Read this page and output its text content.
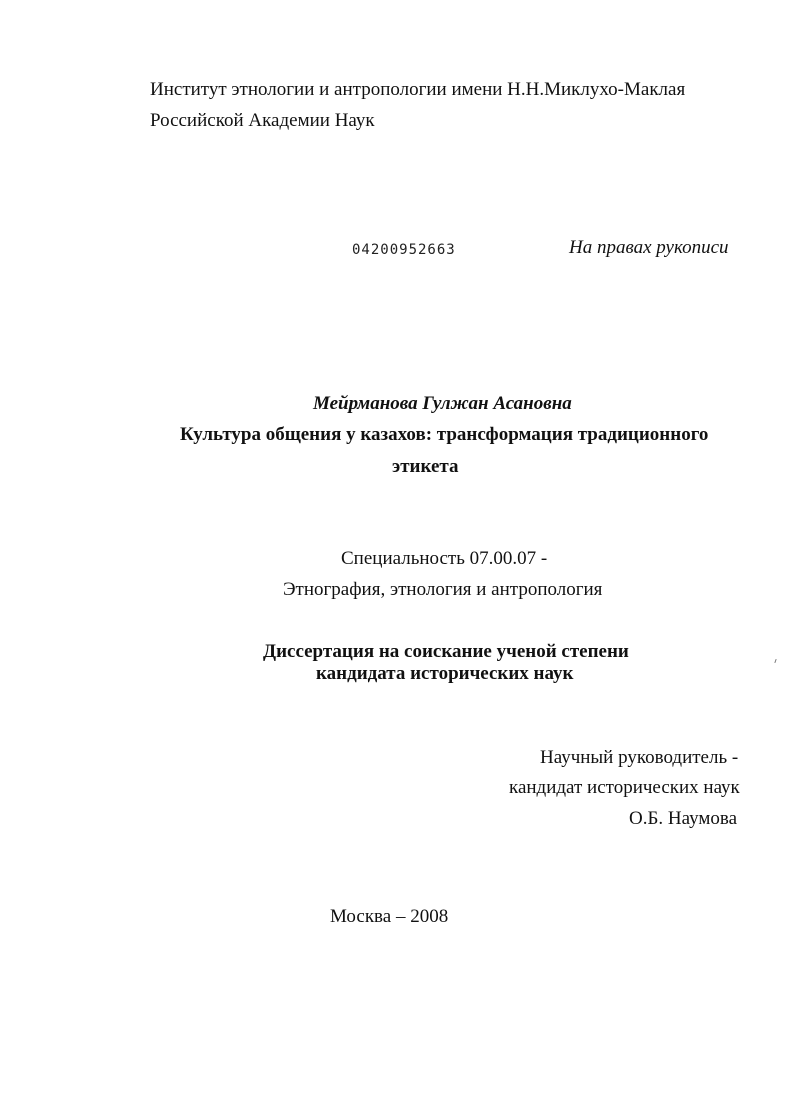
Институт этнологии и антропологии имени Н.Н.Миклухо-Маклая
Российской Академии Наук
04200952663	На правах рукописи
Мейрманова Гулжан Асановна
Культура общения у казахов: трансформация традиционного
этикета
Специальность 07.00.07 -
Этнография, этнология и антропология
Диссертация на соискание ученой степени
кандидата исторических наук
Научный руководитель -
кандидат исторических наук
О.Б. Наумова
Москва – 2008
